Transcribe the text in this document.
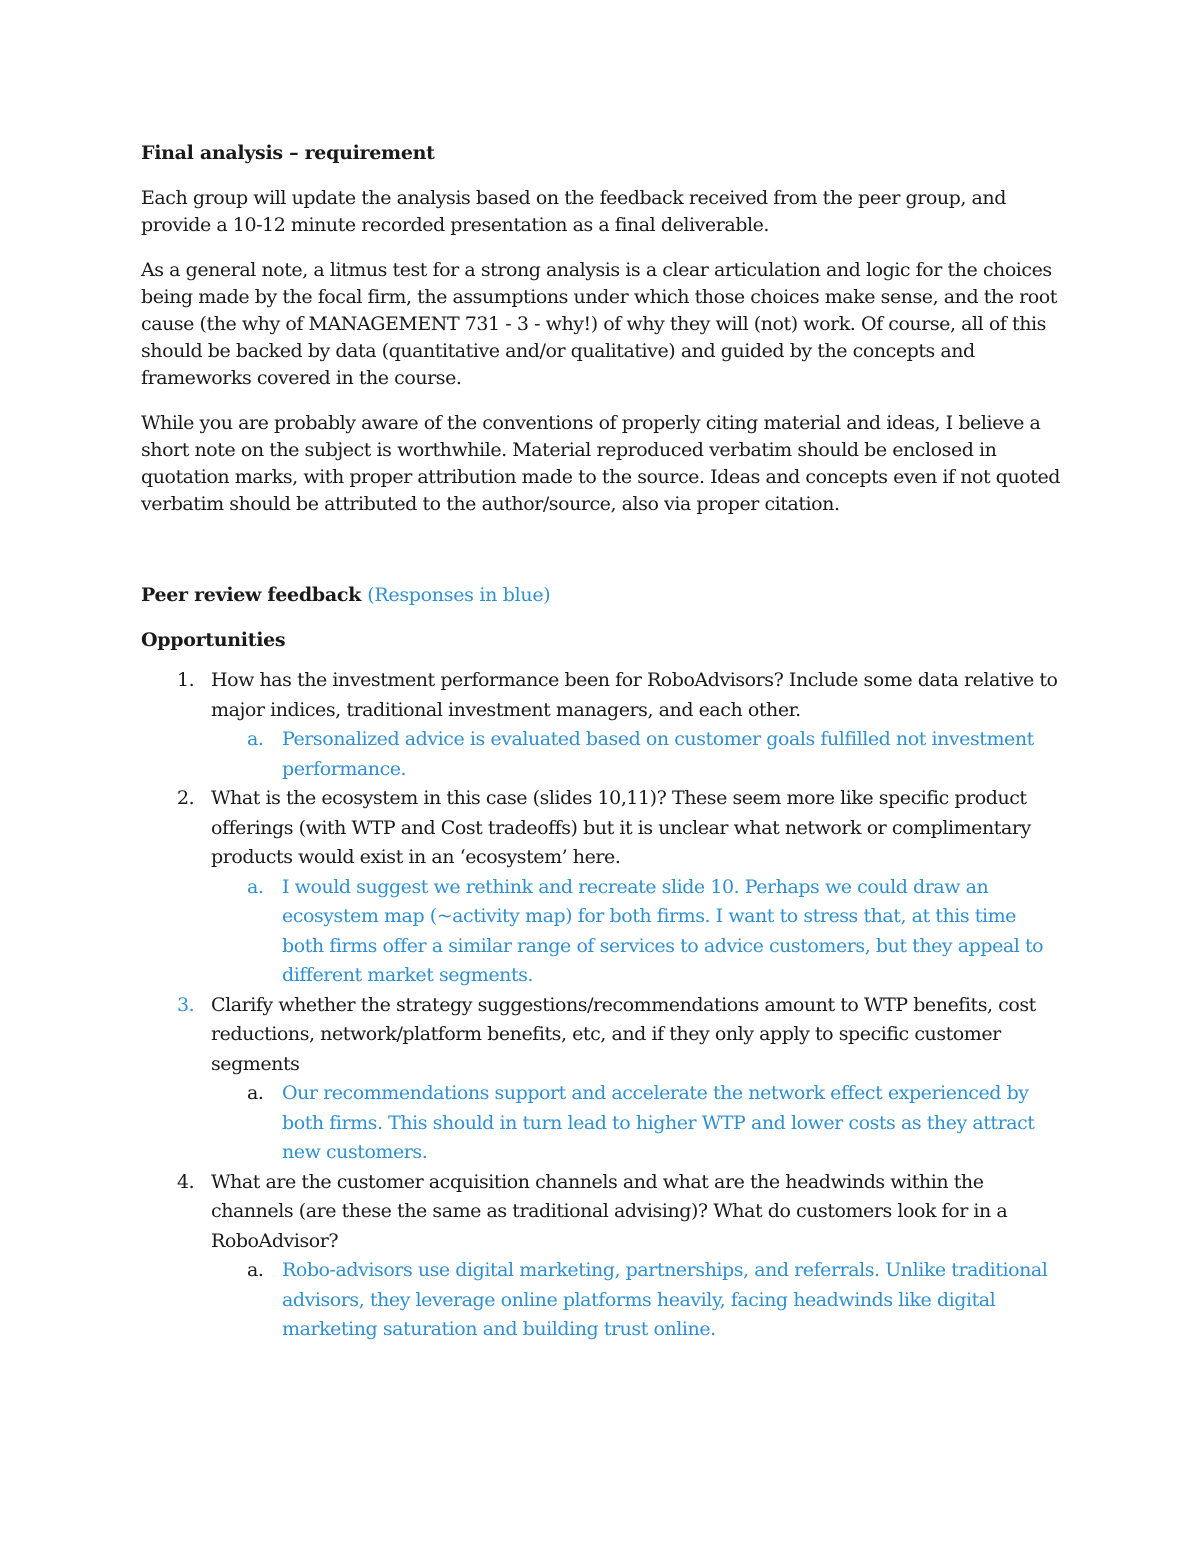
Final analysis – requirement

Each group will update the analysis based on the feedback received from the peer group, and provide a 10-12 minute recorded presentation as a final deliverable.

As a general note, a litmus test for a strong analysis is a clear articulation and logic for the choices being made by the focal firm, the assumptions under which those choices make sense, and the root cause (the why of MANAGEMENT 731 - 3 - why!) of why they will (not) work. Of course, all of this should be backed by data (quantitative and/or qualitative) and guided by the concepts and frameworks covered in the course.

While you are probably aware of the conventions of properly citing material and ideas, I believe a short note on the subject is worthwhile. Material reproduced verbatim should be enclosed in quotation marks, with proper attribution made to the source. Ideas and concepts even if not quoted verbatim should be attributed to the author/source, also via proper citation.

Peer review feedback (Responses in blue)
Opportunities
1. How has the investment performance been for RoboAdvisors? Include some data relative to major indices, traditional investment managers, and each other.
a. Personalized advice is evaluated based on customer goals fulfilled not investment performance.
2. What is the ecosystem in this case (slides 10,11)? These seem more like specific product offerings (with WTP and Cost tradeoffs) but it is unclear what network or complimentary products would exist in an ‘ecosystem’ here.
a. I would suggest we rethink and recreate slide 10. Perhaps we could draw an ecosystem map (~activity map) for both firms. I want to stress that, at this time both firms offer a similar range of services to advice customers, but they appeal to different market segments.
3. Clarify whether the strategy suggestions/recommendations amount to WTP benefits, cost reductions, network/platform benefits, etc, and if they only apply to specific customer segments
a. Our recommendations support and accelerate the network effect experienced by both firms. This should in turn lead to higher WTP and lower costs as they attract new customers.
4. What are the customer acquisition channels and what are the headwinds within the channels (are these the same as traditional advising)? What do customers look for in a RoboAdvisor?
a. Robo-advisors use digital marketing, partnerships, and referrals. Unlike traditional advisors, they leverage online platforms heavily, facing headwinds like digital marketing saturation and building trust online.
